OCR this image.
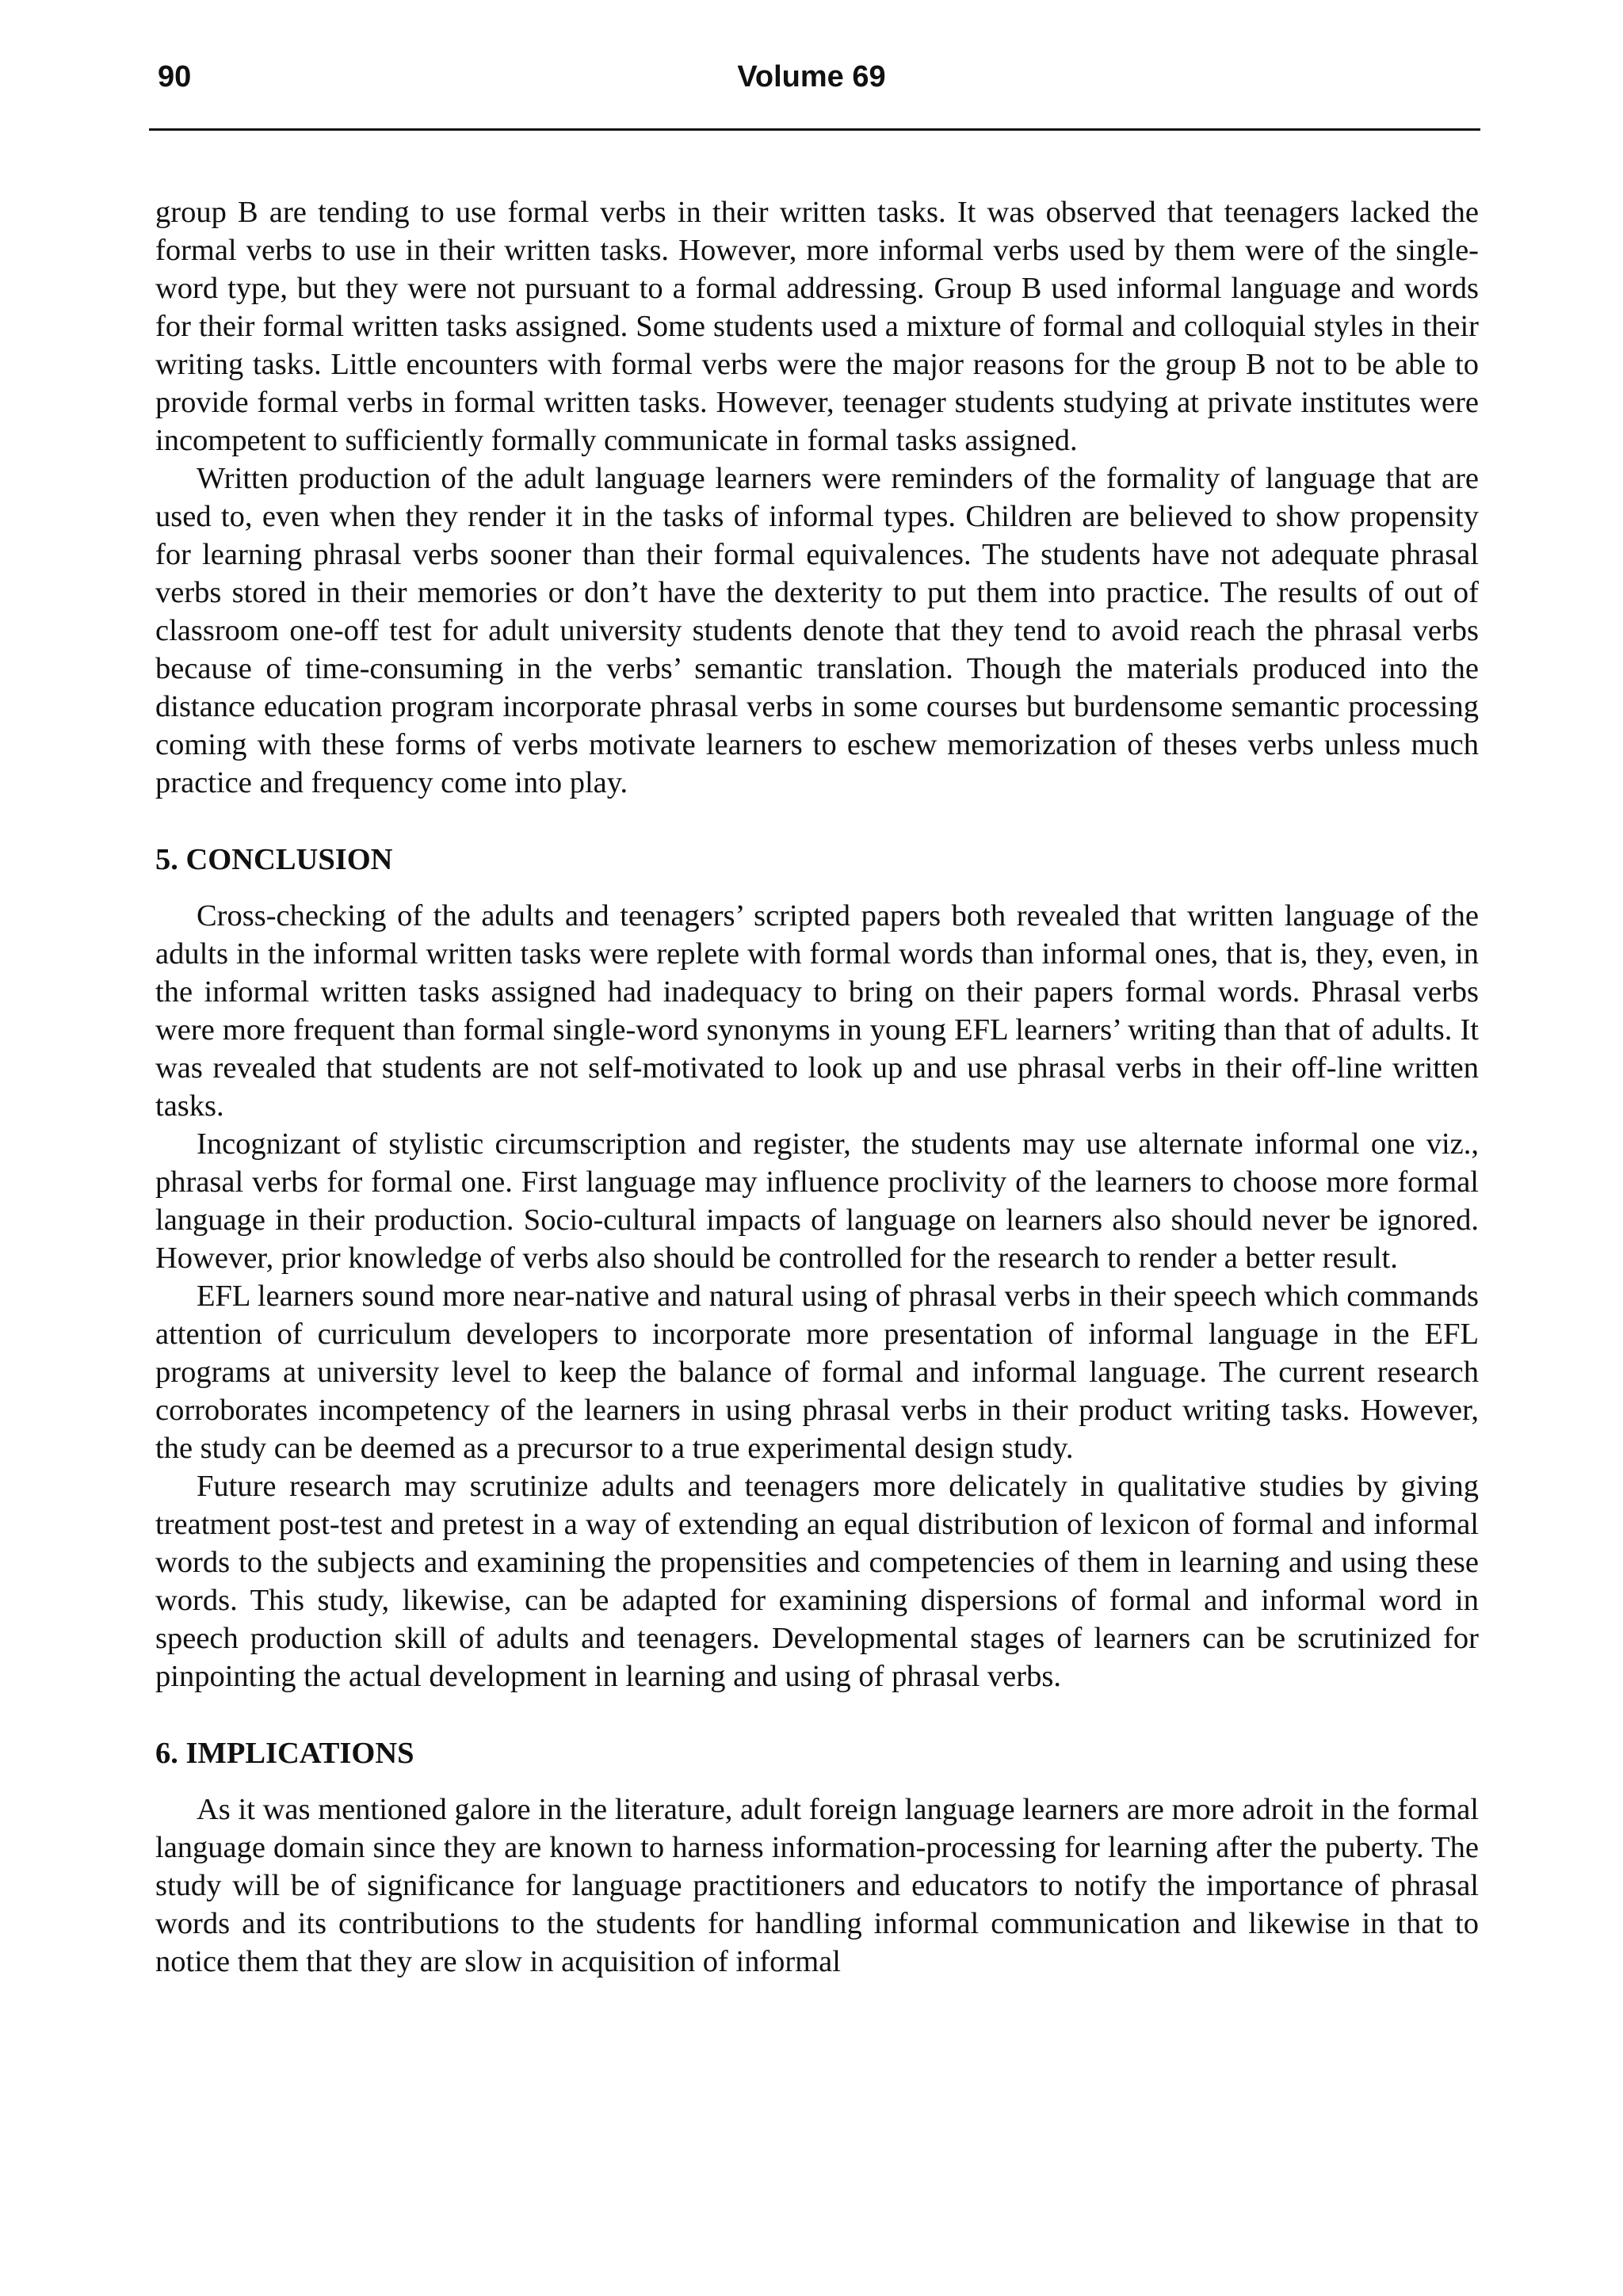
90	Volume 69

group B are tending to use formal verbs in their written tasks. It was observed that teenagers lacked the formal verbs to use in their written tasks. However, more informal verbs used by them were of the single-word type, but they were not pursuant to a formal addressing. Group B used informal language and words for their formal written tasks assigned. Some students used a mixture of formal and colloquial styles in their writing tasks. Little encounters with formal verbs were the major reasons for the group B not to be able to provide formal verbs in formal written tasks. However, teenager students studying at private institutes were incompetent to sufficiently formally communicate in formal tasks assigned.

Written production of the adult language learners were reminders of the formality of language that are used to, even when they render it in the tasks of informal types. Children are believed to show propensity for learning phrasal verbs sooner than their formal equivalences. The students have not adequate phrasal verbs stored in their memories or don’t have the dexterity to put them into practice. The results of out of classroom one-off test for adult university students denote that they tend to avoid reach the phrasal verbs because of time-consuming in the verbs’ semantic translation. Though the materials produced into the distance education program incorporate phrasal verbs in some courses but burdensome semantic processing coming with these forms of verbs motivate learners to eschew memorization of theses verbs unless much practice and frequency come into play.

5. CONCLUSION

Cross-checking of the adults and teenagers’ scripted papers both revealed that written language of the adults in the informal written tasks were replete with formal words than informal ones, that is, they, even, in the informal written tasks assigned had inadequacy to bring on their papers formal words. Phrasal verbs were more frequent than formal single-word synonyms in young EFL learners’ writing than that of adults. It was revealed that students are not self-motivated to look up and use phrasal verbs in their off-line written tasks.

Incognizant of stylistic circumscription and register, the students may use alternate informal one viz., phrasal verbs for formal one. First language may influence proclivity of the learners to choose more formal language in their production. Socio-cultural impacts of language on learners also should never be ignored. However, prior knowledge of verbs also should be controlled for the research to render a better result.

EFL learners sound more near-native and natural using of phrasal verbs in their speech which commands attention of curriculum developers to incorporate more presentation of informal language in the EFL programs at university level to keep the balance of formal and informal language. The current research corroborates incompetency of the learners in using phrasal verbs in their product writing tasks. However, the study can be deemed as a precursor to a true experimental design study.

Future research may scrutinize adults and teenagers more delicately in qualitative studies by giving treatment post-test and pretest in a way of extending an equal distribution of lexicon of formal and informal words to the subjects and examining the propensities and competencies of them in learning and using these words. This study, likewise, can be adapted for examining dispersions of formal and informal word in speech production skill of adults and teenagers. Developmental stages of learners can be scrutinized for pinpointing the actual development in learning and using of phrasal verbs.

6. IMPLICATIONS

As it was mentioned galore in the literature, adult foreign language learners are more adroit in the formal language domain since they are known to harness information-processing for learning after the puberty. The study will be of significance for language practitioners and educators to notify the importance of phrasal words and its contributions to the students for handling informal communication and likewise in that to notice them that they are slow in acquisition of informal
